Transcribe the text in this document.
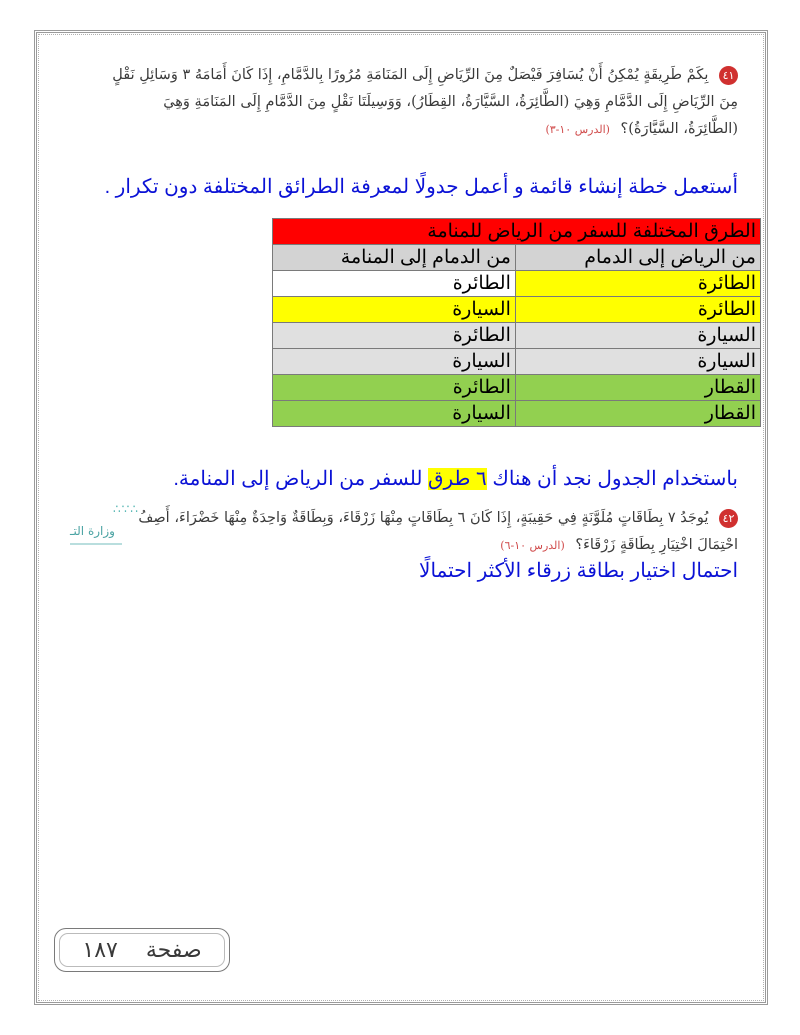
٤١ بِكَمْ طَرِيقَةٍ يُمْكِنُ أَنْ يُسَافِرَ فَيْصَلٌ مِنَ الرِّيَاضِ إِلَى المَنَامَةِ مُرُورًا بِالدَّمَّامِ، إِذَا كَانَ أَمَامَهُ ٣ وَسَائِلِ نَقْلٍ
مِنَ الرِّيَاضِ إِلَى الدَّمَّامِ وَهِيَ (الطَّائِرَةُ، السَّيَّارَةُ، القِطَارُ)، وَوَسِيلَتَا نَقْلٍ مِنَ الدَّمَّامِ إِلَى المَنَامَةِ وَهِيَ
(الطَّائِرَةُ، السَّيَّارَةُ)؟ (الدرس ١٠-٣)
أستعمل خطة إنشاء قائمة و أعمل جدولًا لمعرفة الطرائق المختلفة دون تكرار .
الطرق المختلفة للسفر من الرياض للمنامة	
من الرياض إلى الدمام	من الدمام إلى المنامة
الطائرة	الطائرة
الطائرة	السيارة
السيارة	الطائرة
السيارة	السيارة
القطار	الطائرة
القطار	السيارة
باستخدام الجدول نجد أن هناك ٦ طرق للسفر من الرياض إلى المنامة.
٤٢ يُوجَدُ ٧ بِطَاقَاتٍ مُلَوَّنَةٍ فِي حَقِيبَةٍ، إِذَا كَانَ ٦ بِطَاقَاتٍ مِنْهَا زَرْقَاءَ، وَبِطَاقَةٌ وَاحِدَةٌ مِنْهَا خَضْرَاءَ، أَصِفُ
احْتِمَالَ اخْتِيَارِ بِطَاقَةٍ زَرْقَاءَ؟ (الدرس ١٠-٦)
∴∵∴
وزارة التـ
احتمال اختيار بطاقة زرقاء الأكثر احتمالًا
صفحة
١٨٧
